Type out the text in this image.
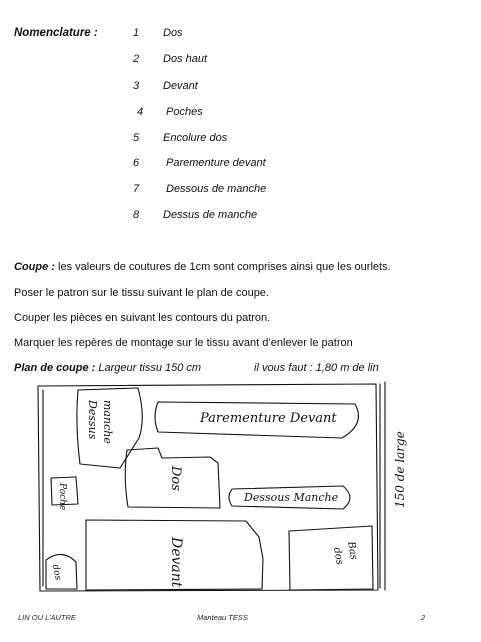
Nomenclature :	1	Dos
2	Dos haut
3	Devant
4	Poches
5	Encolure dos
6	Parementure devant
7	Dessous de manche
8	Dessus de manche
Coupe : les valeurs de coutures de 1cm sont comprises ainsi que les ourlets.
Poser le patron sur le tissu suivant le plan de coupe.
Couper les pièces en suivant les contours du patron.
Marquer les repères de montage sur le tissu avant d’enlever le patron
Plan de coupe : Largeur tissu 150 cm	il vous faut : 1,80 m de lin
Dessus manche	Parementure Devant
Dos
Poche	Dessous Manche
Devant	Bas
dos
dos
150 de large
LIN OU L’AUTRE	Manteau TESS	2
